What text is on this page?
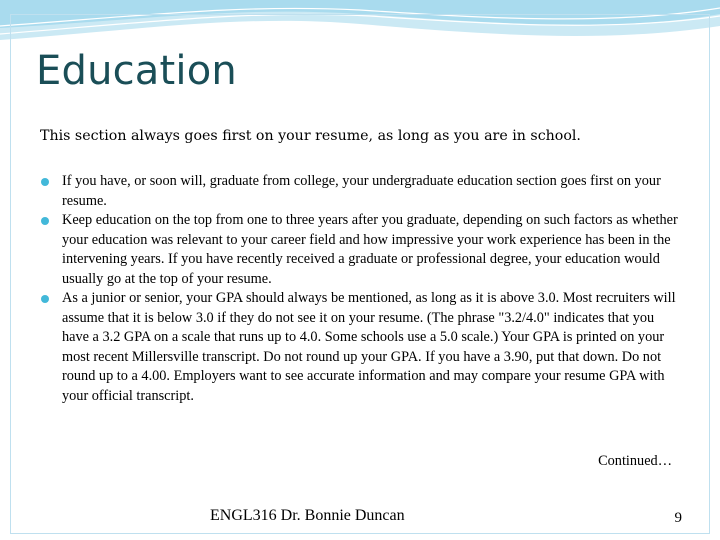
Education
This section always goes first on your resume, as long as you are in school.
If you have, or soon will, graduate from college, your undergraduate education section goes first on your resume.
Keep education on the top from one to three years after you graduate, depending on such factors as whether your education was relevant to your career field and how impressive your work experience has been in the intervening years. If you have recently received a graduate or professional degree, your education would usually go at the top of your resume.
As a junior or senior, your GPA should always be mentioned, as long as it is above 3.0. Most recruiters will assume that it is below 3.0 if they do not see it on your resume. (The phrase "3.2/4.0" indicates that you have a 3.2 GPA on a scale that runs up to 4.0. Some schools use a 5.0 scale.) Your GPA is printed on your most recent Millersville transcript. Do not round up your GPA. If you have a 3.90, put that down. Do not round up to a 4.00. Employers want to see accurate information and may compare your resume GPA with your official transcript.
Continued…
ENGL316 Dr. Bonnie Duncan	9
